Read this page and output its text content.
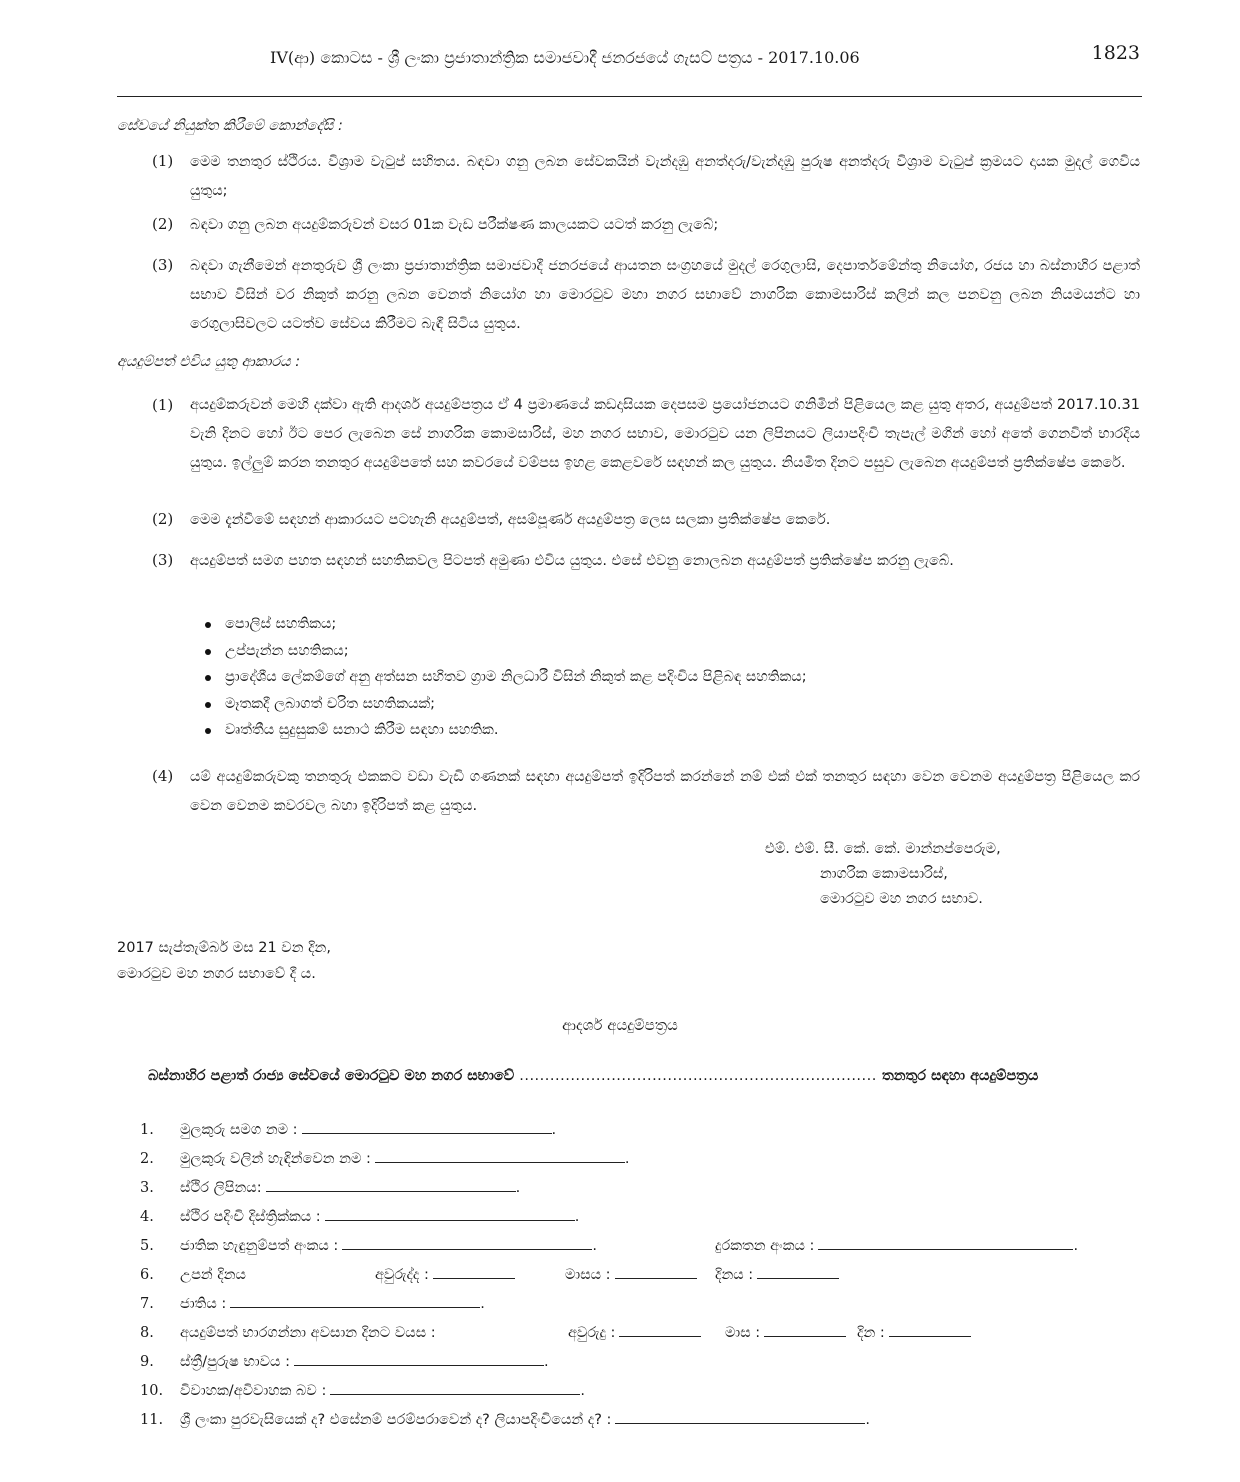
IV(ආ) කොටස - ශ්‍රී ලංකා ප්‍රජාතාන්ත්‍රික සමාජවාදී ජනරජයේ ගැසට් පත්‍රය - 2017.10.06	1823
සේවයේ නියුක්ත කිරීමේ කොන්දේසි :
(1) මෙම තනතුර ස්ථිරය. විශ්‍රාම වැටුප් සහිතය. බඳවා ගනු ලබන සේවකයින් වැන්දඹු අනත්දරු/වැන්දඹු පුරුෂ අනත්දරු විශ්‍රාම වැටුප් ක්‍රමයට දායක මුදල් ගෙවිය යුතුය;
(2) බඳවා ගනු ලබන අයදුම්කරුවන් වසර 01ක වැඩ පරීක්ෂණ කාලයකට යටත් කරනු ලැබේ;
(3) බඳවා ගැනීමෙන් අනතුරුව ශ්‍රී ලංකා ප්‍රජාතාන්ත්‍රික සමාජවාදී ජනරජයේ ආයතන සංග්‍රහයේ මුදල් රෙගුලාසි, දෙපාර්තමේන්තු නියෝග, රජය හා බස්නාහිර පළාත් සභාව විසින් වර නිකුත් කරනු ලබන වෙනත් නියෝග හා මොරටුව මහා නගර සභාවේ නාගරික කොමසාරිස් කලින් කල පනවනු ලබන නියමයන්ට හා රෙගුලාසිවලට යටත්ව සේවය කිරීමට බැඳී සිටිය යුතුය.
අයදුම්පත් එවිය යුතු ආකාරය :
(1) අයදුම්කරුවන් මෙහි දක්වා ඇති ආදර්ශ අයදුම්පත්‍රය ඒ 4 ප්‍රමාණයේ කඩදාසියක දෙපසම ප්‍රයෝජනයට ගනිමින් පිළියෙල කළ යුතු අතර, අයදුම්පත් 2017.10.31 වැනි දිනට හෝ ඊට පෙර ලැබෙන සේ නාගරික කොමසාරිස්, මහ නගර සභාව, මොරටුව යන ලිපිනයට ලියාපදිංචි තැපැල් මගින් හෝ අතේ ගෙනවිත් භාරදිය යුතුය. ඉල්ලුම් කරන තනතුර අයදුම්පතේ සහ කවරයේ වම්පස ඉහළ කෙළවරේ සඳහන් කල යුතුය. නියමිත දිනට පසුව ලැබෙන අයදුම්පත් ප්‍රතික්ෂේප කෙරේ.
(2) මෙම දැන්වීමේ සඳහන් ආකාරයට පටහැනි අයදුම්පත්, අසම්පූර්ණ අයදුම්පත්‍ර ලෙස සලකා ප්‍රතික්ෂේප කෙරේ.
(3) අයදුම්පත් සමග පහත සඳහන් සහතිකවල පිටපත් අමුණා එවිය යුතුය. එසේ එවනු නොලබන අයදුම්පත් ප්‍රතික්ෂේප කරනු ලැබේ.
පොලිස් සහතිකය;
උප්පැන්න සහතිකය;
ප්‍රාදේශීය ලේකම්ගේ අනු අත්සන සහිතව ග්‍රාම නිලධාරී විසින් නිකුත් කළ පදිංචිය පිළිබඳ සහතිකය;
මෑතකදී ලබාගත් චරිත සහතිකයක්;
වෘත්තීය සුදුසුකම් සනාථ කිරීම සඳහා සහතික.
(4) යම් අයදුම්කරුවකු තනතුරු එකකට වඩා වැඩි ගණනක් සඳහා අයදුම්පත් ඉදිරිපත් කරන්නේ නම් එක් එක් තනතුර සඳහා වෙන වෙනම අයදුම්පත්‍ර පිළියෙල කර වෙන වෙනම කවරවල බහා ඉදිරිපත් කළ යුතුය.
එම්. එම්. සී. කේ. කේ. මාන්නප්පෙරුම,
නාගරික කොමසාරිස්,
මොරටුව මහ නගර සභාව.
2017 සැප්තැම්බර් මස 21 වන දින,
මොරටුව මහ නගර සභාවේ දී ය.
ආදර්ශ අයදුම්පත්‍රය
බස්නාහිර පළාත් රාජ්‍ය සේවයේ මොරටුව මහ නගර සභාවේ ...................................................................... තනතුර සඳහා අයදුම්පත්‍රය
1.	මුලකුරු සමග නම :	.
2.	මුලකුරු වලින් හැඳින්වෙන නම :	.
3.	ස්ථිර ලිපිනය:	.
4.	ස්ථිර පදිංචි දිස්ත්‍රික්කය :	.
5.	ජාතික හැඳුනුම්පත් අංකය :	.	දුරකතන අංකය :	.
6.	උපන් දිනය	අවුරුද්ද :	මාසය :	දිනය :
7.	ජාතිය :	.
8.	අයදුම්පත් භාරගන්නා අවසාන දිනට වයස :	අවුරුදු :	මාස :	දින :
9.	ස්ත්‍රී/පුරුෂ භාවය :	.
10. විවාහක/අවිවාහක බව :	.
11. ශ්‍රී ලංකා පුරවැසියෙක් ද? එසේනම් පරම්පරාවෙන් ද? ලියාපදිංචියෙන් ද? :	.
